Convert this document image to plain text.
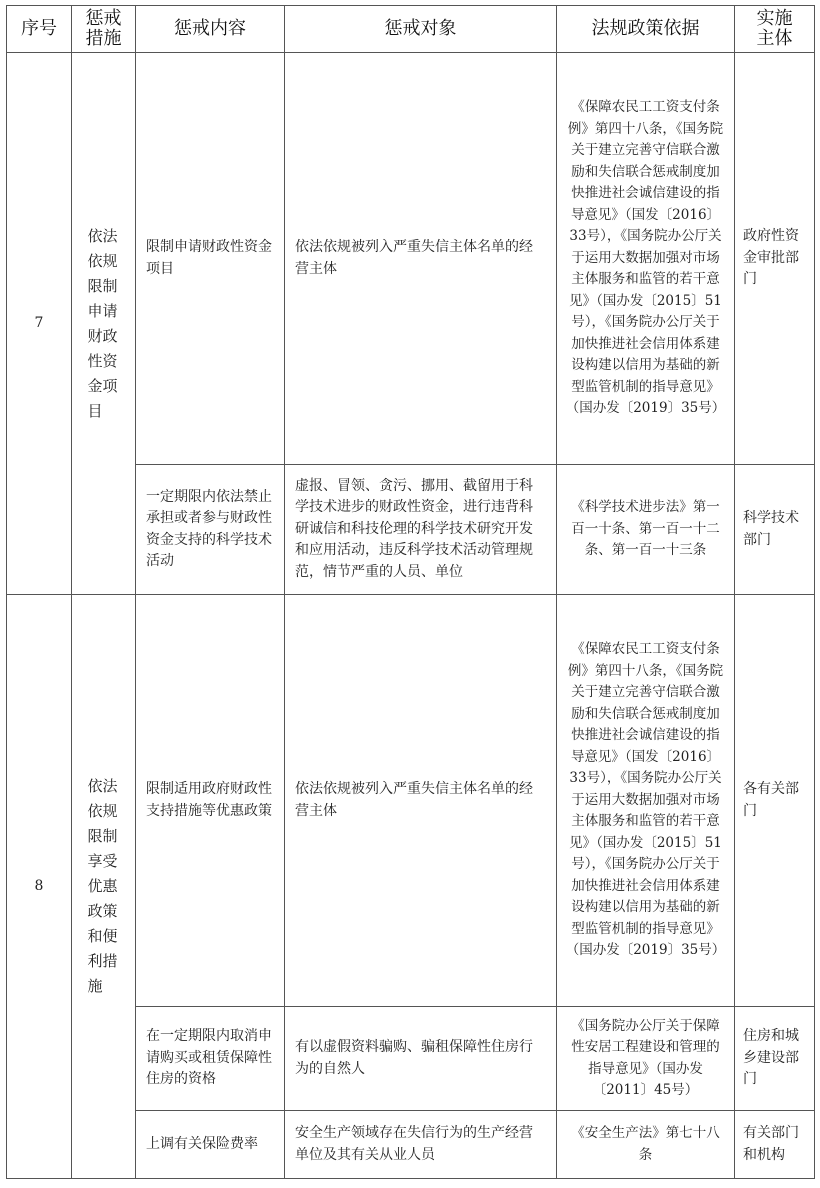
序号	惩戒措施	惩戒内容	惩戒对象	法规政策依据	实施主体
7	依法依规限制申请财政性资金项目	限制申请财政性资金项目	依法依规被列入严重失信主体名单的经营主体	《保障农民工工资支付条例》第四十八条，《国务院关于建立完善守信联合激励和失信联合惩戒制度加快推进社会诚信建设的指导意见》（国发〔2016〕33号），《国务院办公厅关于运用大数据加强对市场主体服务和监管的若干意见》（国办发〔2015〕51号），《国务院办公厅关于加快推进社会信用体系建设构建以信用为基础的新型监管机制的指导意见》（国办发〔2019〕35号）	政府性资金审批部门
		一定期限内依法禁止承担或者参与财政性资金支持的科学技术活动	虚报、冒领、贪污、挪用、截留用于科学技术进步的财政性资金，进行违背科研诚信和科技伦理的科学技术研究开发和应用活动，违反科学技术活动管理规范，情节严重的人员、单位	《科学技术进步法》第一百一十条、第一百一十二条、第一百一十三条	科学技术部门
8	依法依规限制享受优惠政策和便利措施	限制适用政府财政性支持措施等优惠政策	依法依规被列入严重失信主体名单的经营主体	《保障农民工工资支付条例》第四十八条，《国务院关于建立完善守信联合激励和失信联合惩戒制度加快推进社会诚信建设的指导意见》（国发〔2016〕33号），《国务院办公厅关于运用大数据加强对市场主体服务和监管的若干意见》（国办发〔2015〕51号），《国务院办公厅关于加快推进社会信用体系建设构建以信用为基础的新型监管机制的指导意见》（国办发〔2019〕35号）	各有关部门
		在一定期限内取消申请购买或租赁保障性住房的资格	有以虚假资料骗购、骗租保障性住房行为的自然人	《国务院办公厅关于保障性安居工程建设和管理的指导意见》（国办发〔2011〕45号）	住房和城乡建设部门
		上调有关保险费率	安全生产领域存在失信行为的生产经营单位及其有关从业人员	《安全生产法》第七十八条	有关部门和机构
